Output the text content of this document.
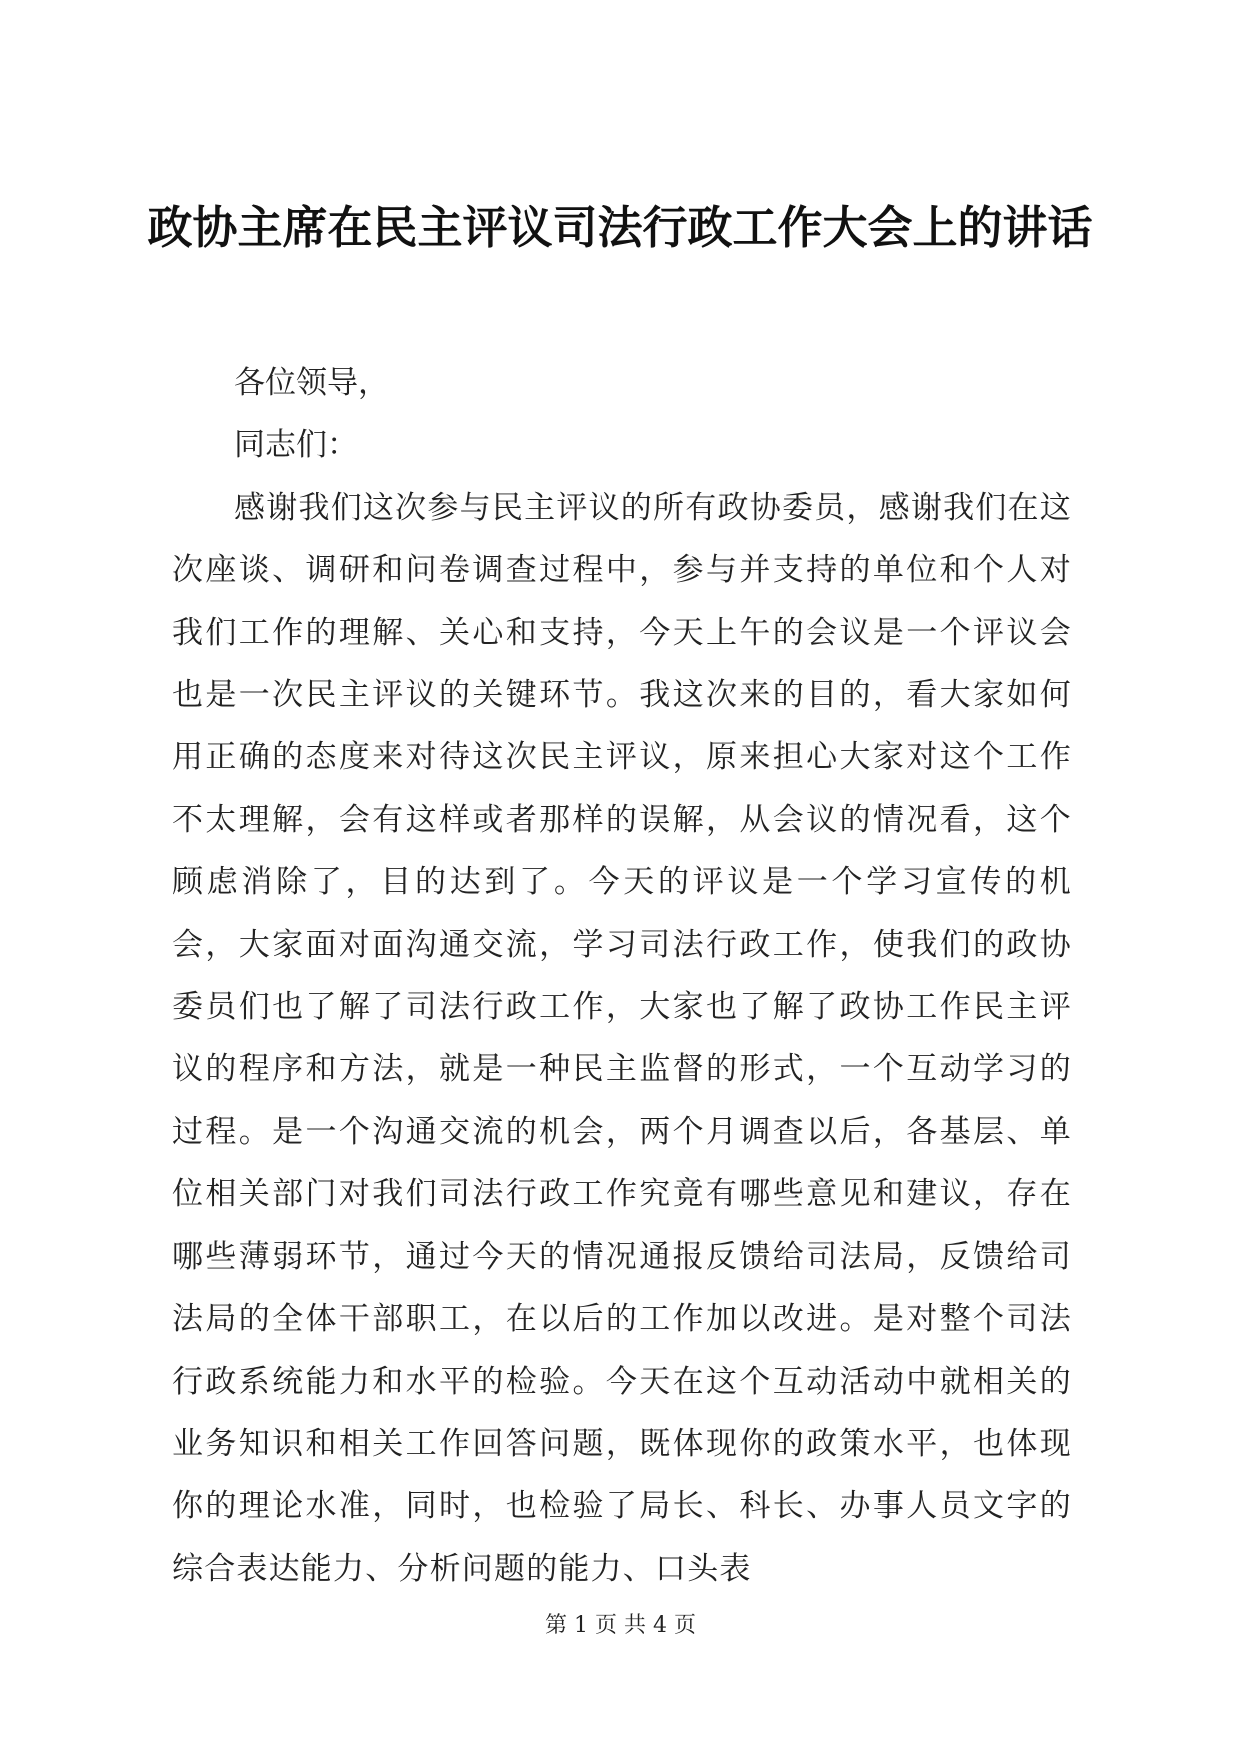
政协主席在民主评议司法行政工作大会上的讲话

各位领导，

同志们：

感谢我们这次参与民主评议的所有政协委员，感谢我们在这次座谈、调研和问卷调查过程中，参与并支持的单位和个人对我们工作的理解、关心和支持，今天上午的会议是一个评议会也是一次民主评议的关键环节。我这次来的目的，看大家如何用正确的态度来对待这次民主评议，原来担心大家对这个工作不太理解，会有这样或者那样的误解，从会议的情况看，这个顾虑消除了，目的达到了。今天的评议是一个学习宣传的机会，大家面对面沟通交流，学习司法行政工作，使我们的政协委员们也了解了司法行政工作，大家也了解了政协工作民主评议的程序和方法，就是一种民主监督的形式，一个互动学习的过程。是一个沟通交流的机会，两个月调查以后，各基层、单位相关部门对我们司法行政工作究竟有哪些意见和建议，存在哪些薄弱环节，通过今天的情况通报反馈给司法局，反馈给司法局的全体干部职工，在以后的工作加以改进。是对整个司法行政系统能力和水平的检验。今天在这个互动活动中就相关的业务知识和相关工作回答问题，既体现你的政策水平，也体现你的理论水准，同时，也检验了局长、科长、办事人员文字的综合表达能力、分析问题的能力、口头表

第 1 页 共 4 页
